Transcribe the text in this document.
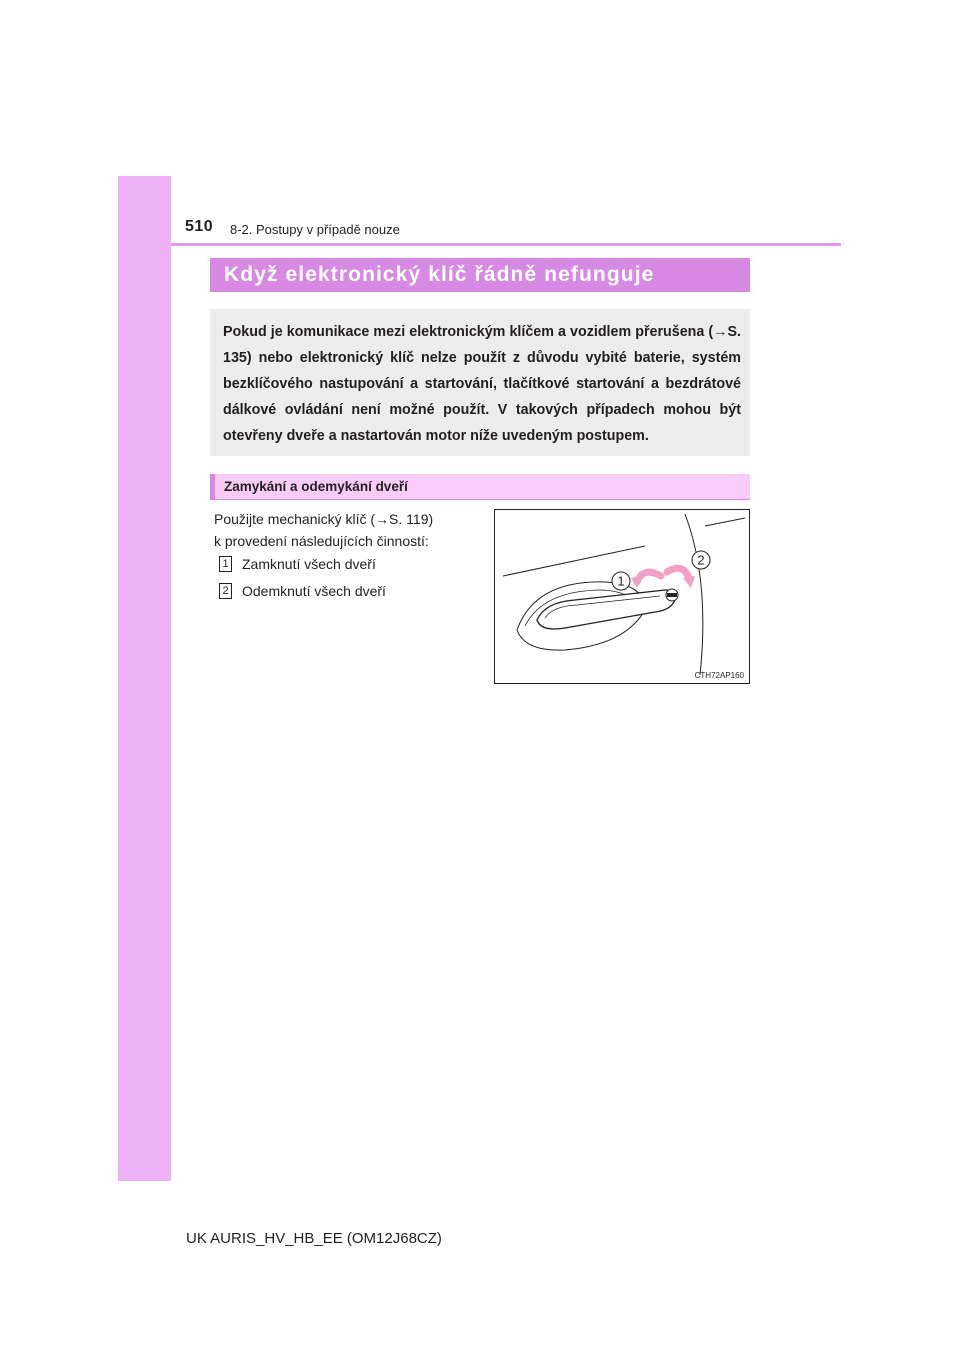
510 8-2. Postupy v případě nouze
Když elektronický klíč řádně nefunguje

Pokud je komunikace mezi elektronickým klíčem a vozidlem přerušena (→S. 135) nebo elektronický klíč nelze použít z důvodu vybité baterie, systém bezklíčového nastupování a startování, tlačítkové startování a bezdrátové dálkové ovládání není možné použít. V takových případech mohou být otevřeny dveře a nastartován motor níže uvedeným postupem.

Zamykání a odemykání dveří
Použijte mechanický klíč (→S. 119)
k provedení následujících činností:
1 Zamknutí všech dveří
2 Odemknutí všech dveří
1
2
CTH72AP160
UK AURIS_HV_HB_EE (OM12J68CZ)
